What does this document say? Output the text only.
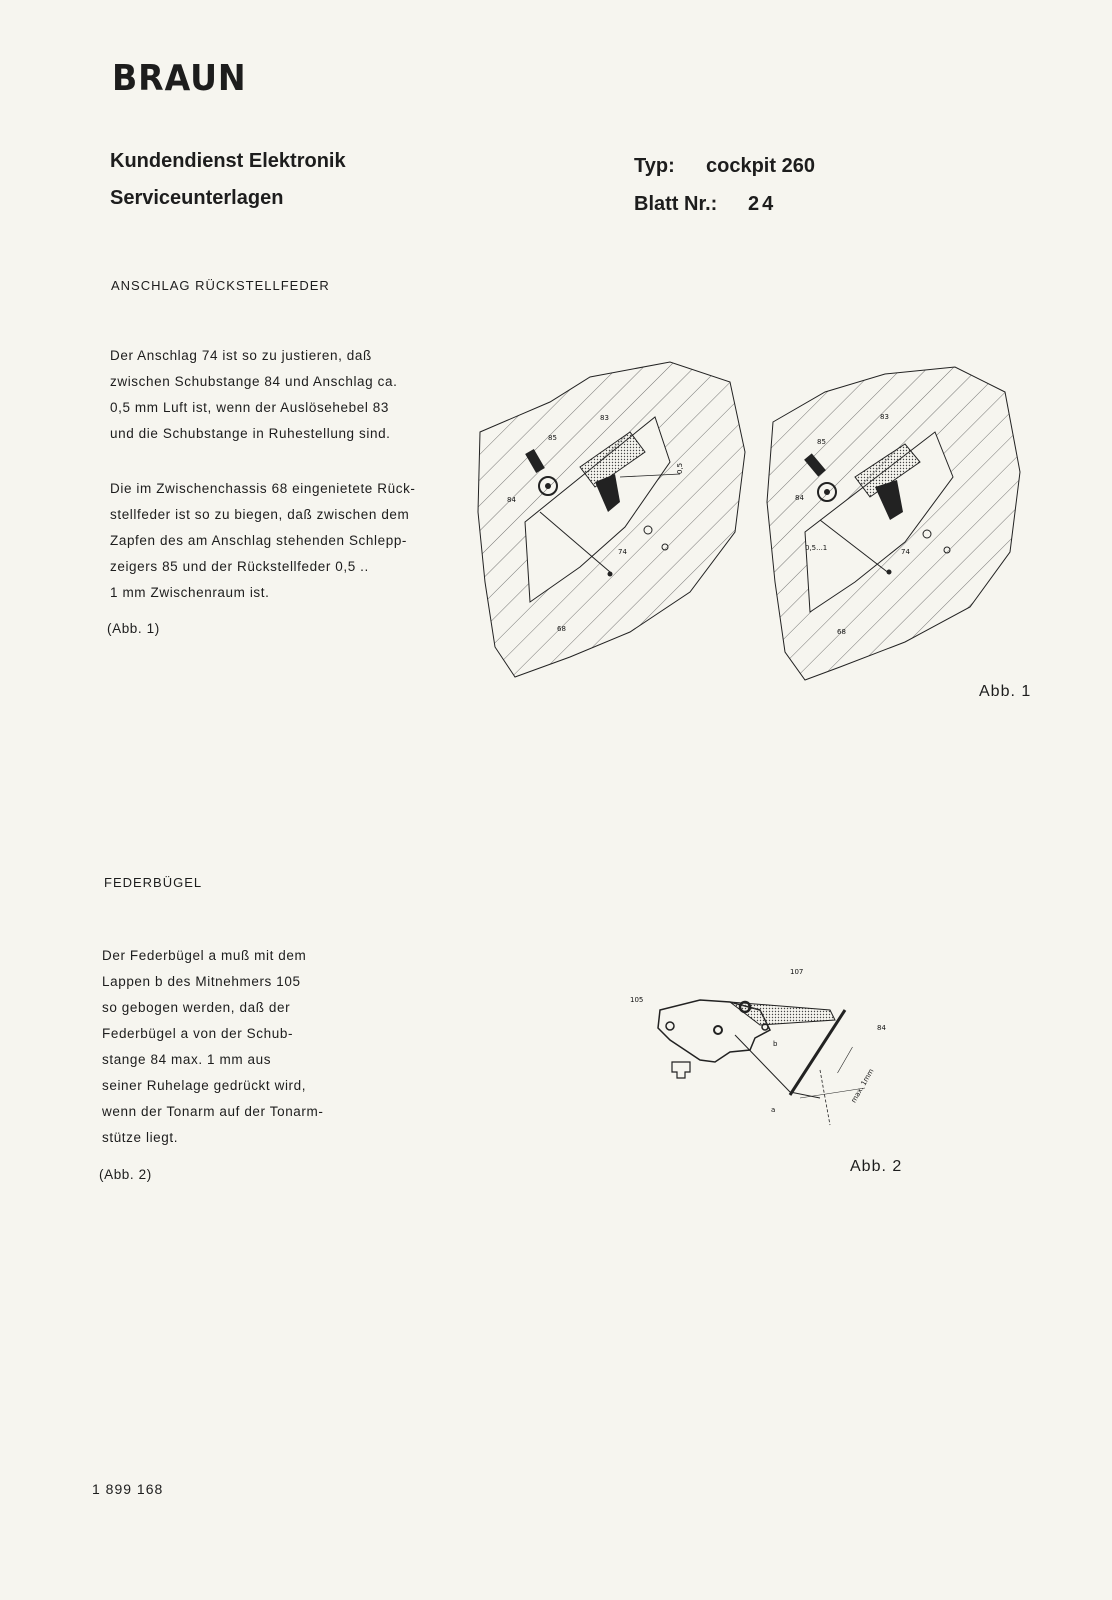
BRAUN
Kundendienst Elektronik
Serviceunterlagen
Typ: cockpit 260
Blatt Nr.: 24
ANSCHLAG RÜCKSTELLFEDER
Der Anschlag 74 ist so zu justieren, daß
zwischen Schubstange 84 und Anschlag ca.
0,5 mm Luft ist, wenn der Auslösehebel 83
und die Schubstange in Ruhestellung sind.
Die im Zwischenchassis 68 eingenietete Rück-
stellfeder ist so zu biegen, daß zwischen dem
Zapfen des am Anschlag stehenden Schlepp-
zeigers 85 und der Rückstellfeder 0,5 ..
1 mm Zwischenraum ist.
(Abb. 1)
83
85
84
74
68
0,5
83
85
84
74
68
0,5...1
Abb. 1
FEDERBÜGEL
Der Federbügel a muß mit dem
Lappen b des Mitnehmers 105
so gebogen werden, daß der
Federbügel a von der Schub-
stange 84 max. 1 mm aus
seiner Ruhelage gedrückt wird,
wenn der Tonarm auf der Tonarm-
stütze liegt.
(Abb. 2)
105
107
84
a
b
max. 1mm
Abb. 2
1 899 168
